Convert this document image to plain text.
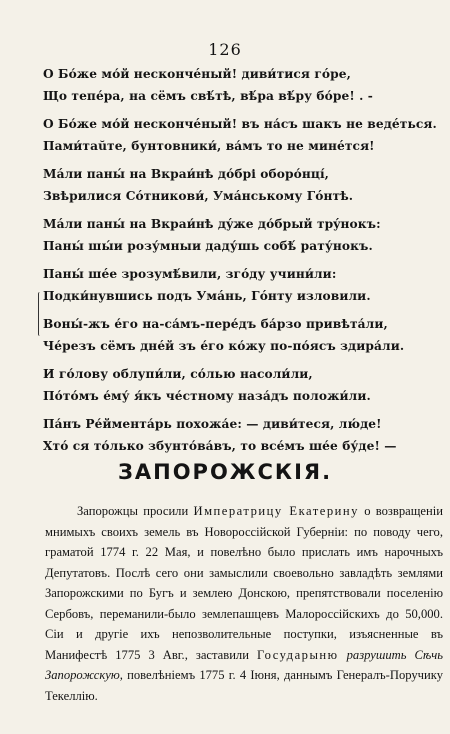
126
О Бо́же мо́й нескончéный! диви́тися гóре,
Що тепе́ра, на сёмъ свѣ́тѣ, вѣ́ра вѣ́ру бо́ре! . -
О Бо́же мо́й нескончéный! въ на́съ шакъ не ведéться.
Пами́таŭте, бунтовники́, ва́мъ то не минéтся!
Мáли паны́ на Вкраи́нѣ до́брі оборо́нці́,
Звѣрилися Сóтникови́, Умáнському Гóнтѣ.
Мáли паны́ на Вкраи́нѣ дýже до́брый трýнокъ:
Паны́ шы́и розу́мныи даду́шь собѣ́ рату́нокъ.
Паны́ шéе зрозумѣ́вили, згóду учини́ли:
Подки́нувшись подъ Умáнь, Гóнту изловили.
Воны́-жъ е́го на-са́мъ-пере́дъ ба́рзо привѣта́ли,
Че́резъ сёмъ днéй зъ е́го ко́жу по-по́ясъ здира́ли.
И го́лову облупи́ли, со́лью насоли́ли,
По́то́мъ е́му́ я́къ че́стному наза́дъ положи́ли.
Па́нъ Ре́ймента́рь похожа́е: — диви́теся, лю́де!
Хто́ ся то́лько збунто́ва́въ, то все́мъ ше́е бу́де! —
ЗАПОРОЖСКІЯ.
Запорожцы просили Императрицу Екатерину о возвращеніи мнимыхъ своихъ земель въ Новороссійской Губерніи: по поводу чего, граматой 1774 г. 22 Мая, и повелѣно было прислать имъ нарочныхъ Депутатовъ. Послѣ сего они замыслили своевольно завладѣть землями Запорожскими по Бугъ и землею Донскою, препятствовали поселенію Сербовъ, переманили-было землепашцевъ Малороссійскихъ до 50,000. Сіи и другіе ихъ непозволительные поступки, изъясненные въ Манифестѣ 1775 3 Авг., заставили Государыню разрушить Сѣчь Запорожскую, повелѣніемъ 1775 г. 4 Іюня, даннымъ Генералъ-Поручику Текеллію.
